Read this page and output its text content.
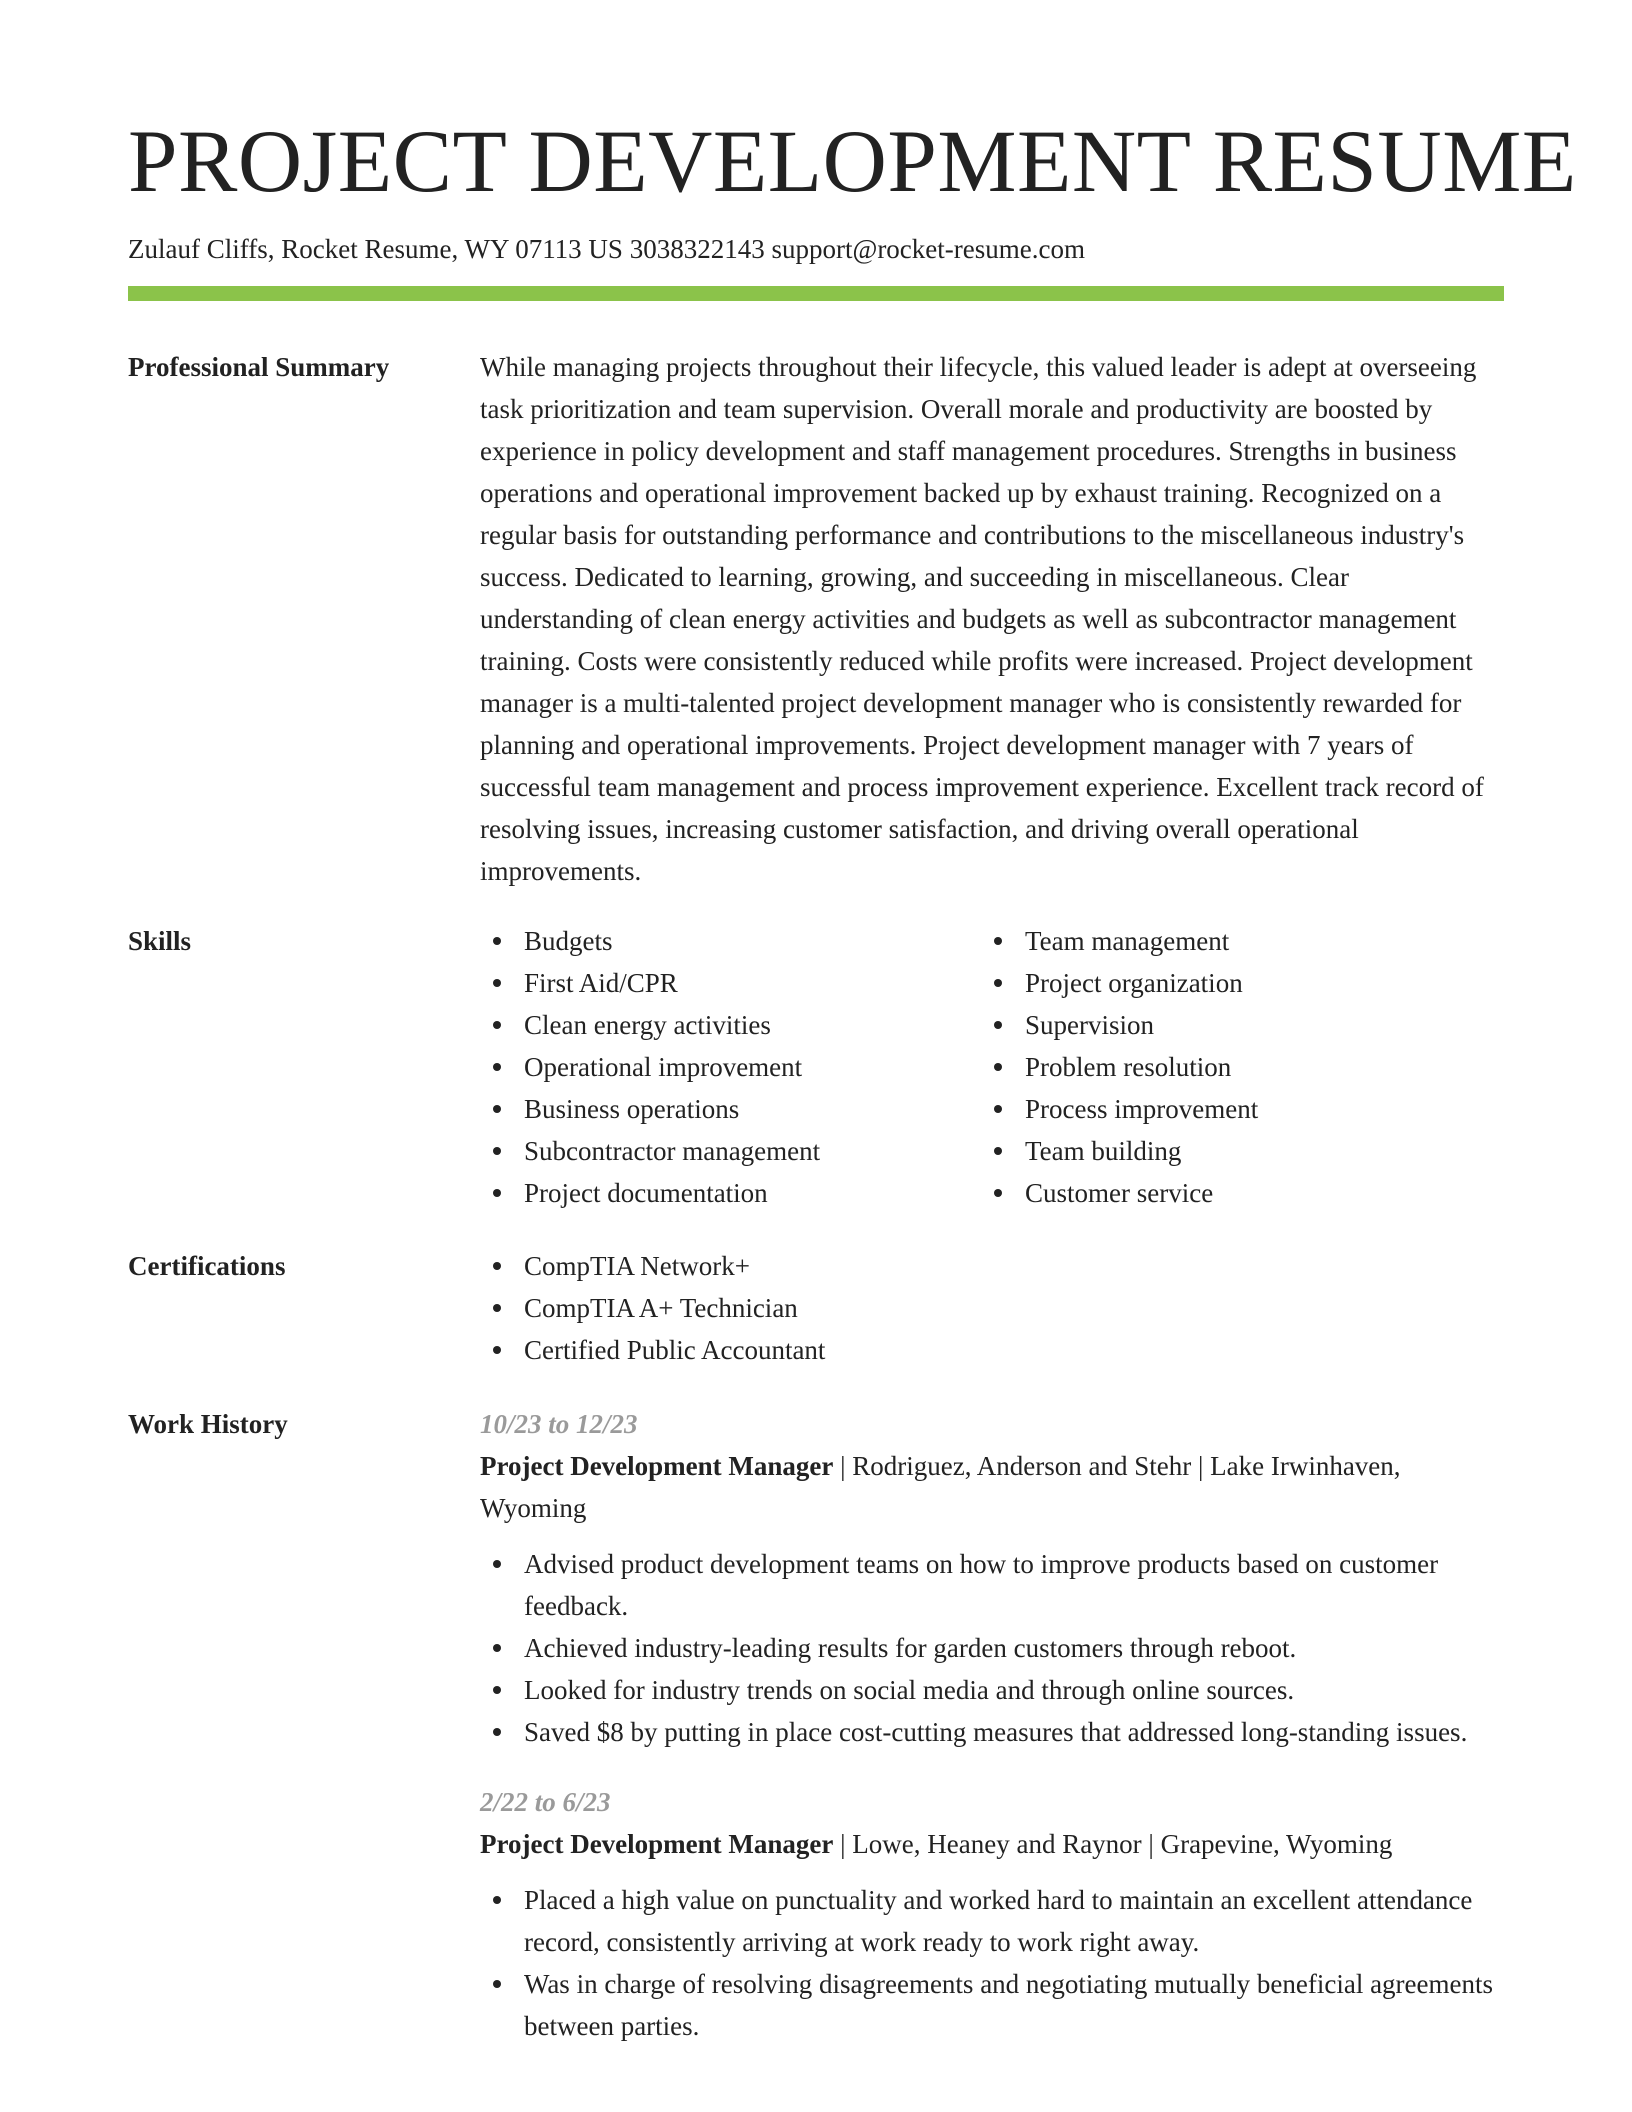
PROJECT DEVELOPMENT RESUME
Zulauf Cliffs, Rocket Resume, WY 07113 US 3038322143 support@rocket-resume.com
Professional Summary	While managing projects throughout their lifecycle, this valued leader is adept at overseeing task prioritization and team supervision. Overall morale and productivity are boosted by experience in policy development and staff management procedures. Strengths in business operations and operational improvement backed up by exhaust training. Recognized on a regular basis for outstanding performance and contributions to the miscellaneous industry's success. Dedicated to learning, growing, and succeeding in miscellaneous. Clear understanding of clean energy activities and budgets as well as subcontractor management training. Costs were consistently reduced while profits were increased. Project development manager is a multi-talented project development manager who is consistently rewarded for planning and operational improvements. Project development manager with 7 years of successful team management and process improvement experience. Excellent track record of resolving issues, increasing customer satisfaction, and driving overall operational improvements.

Skills	Budgets
First Aid/CPR
Clean energy activities
Operational improvement
Business operations
Subcontractor management
Project documentation
Team management
Project organization
Supervision
Problem resolution
Process improvement
Team building
Customer service
Certifications	CompTIA Network+
CompTIA A+ Technician
Certified Public Accountant
Work History	10/23 to 12/23
Project Development Manager | Rodriguez, Anderson and Stehr | Lake Irwinhaven, Wyoming
Advised product development teams on how to improve products based on customer feedback.
Achieved industry-leading results for garden customers through reboot.
Looked for industry trends on social media and through online sources.
Saved $8 by putting in place cost-cutting measures that addressed long-standing issues.
2/22 to 6/23
Project Development Manager | Lowe, Heaney and Raynor | Grapevine, Wyoming
Placed a high value on punctuality and worked hard to maintain an excellent attendance record, consistently arriving at work ready to work right away.
Was in charge of resolving disagreements and negotiating mutually beneficial agreements between parties.
